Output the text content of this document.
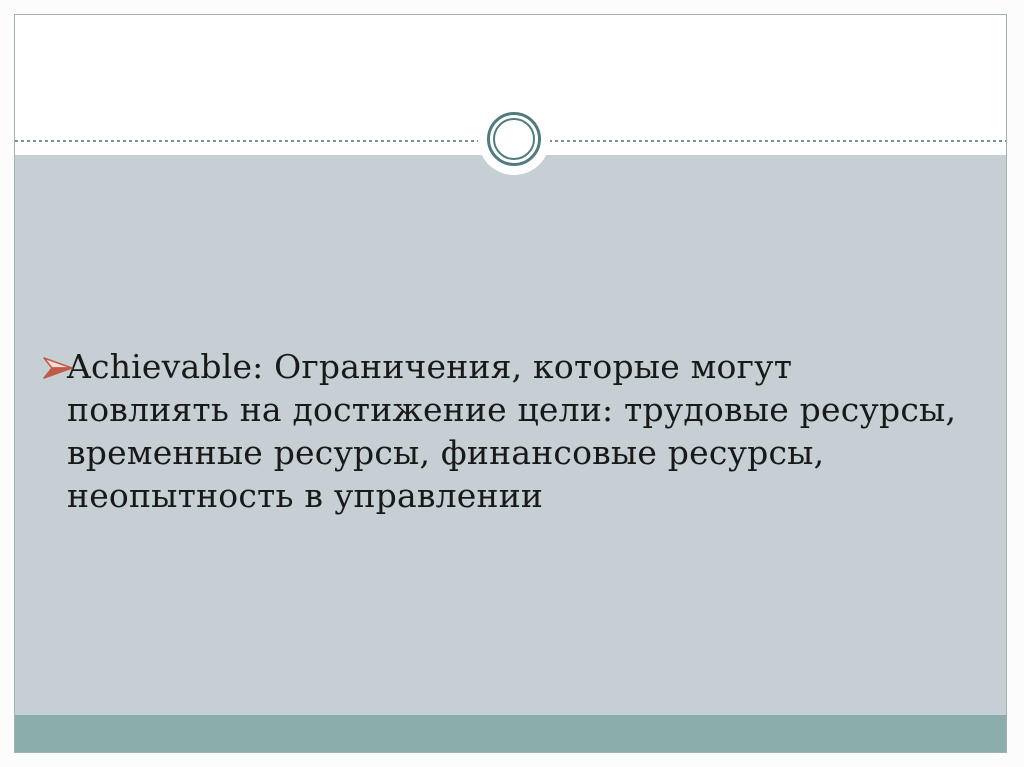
Achievable: Ограничения, которые могут
повлиять на достижение цели: трудовые ресурсы,
временные ресурсы, финансовые ресурсы,
неопытность в управлении
